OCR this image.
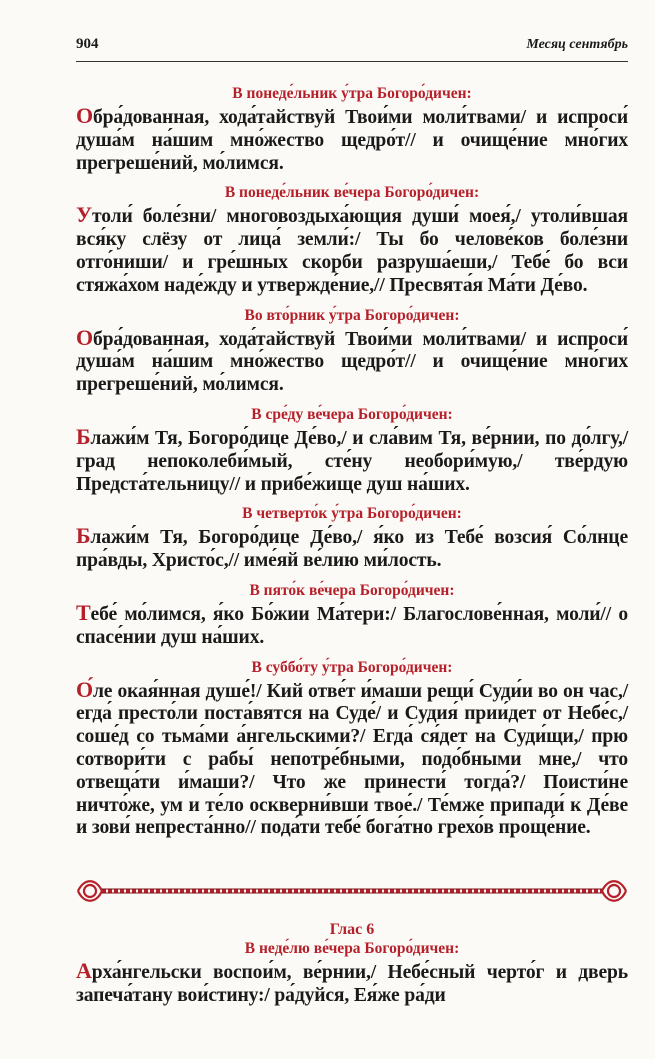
904	Месяц сентябрь
В понеде́льник у́тра Богоро́дичен:

Обра́дованная, хода́тайствуй Твои́ми моли́твами/ и испроси́ душа́м на́шим мно́жество щедро́т// и очище́ние мно́гих прегреше́ний, мо́лимся.

В понеде́льник ве́чера Богоро́дичен:

Утоли́ боле́зни/ многовоздыха́ющия души́ моея́,/ утоли́вшая вся́ку слёзу от лица́ земли́:/ Ты бо челове́ков боле́зни отго́ниши/ и гре́шных скорби разруша́еши,/ Тебе́ бо вси стяжа́хом наде́жду и утвержде́ние,// Пресвята́я Ма́ти Де́во.

Во вто́рник у́тра Богоро́дичен:

Обра́дованная, хода́тайствуй Твои́ми моли́твами/ и испроси́ душа́м на́шим мно́жество щедро́т// и очище́ние мно́гих прегреше́ний, мо́лимся.

В сре́ду ве́чера Богоро́дичен:

Блажи́м Тя, Богоро́дице Де́во,/ и сла́вим Тя, ве́рнии, по до́лгу,/ град непоколеби́мый, сте́ну необори́мую,/ тве́рдую Предста́тельницу// и прибе́жище душ на́ших.

В четверто́к у́тра Богоро́дичен:

Блажи́м Тя, Богоро́дице Де́во,/ я́ко из Тебе́ возсия́ Со́лнце пра́вды, Христо́с,// име́яй ве́лию ми́лость.

В пято́к ве́чера Богоро́дичен:

Тебе́ мо́лимся, я́ко Бо́жии Ма́тери:/ Благослове́нная, моли́// о спасе́нии душ на́ших.

В суббо́ту у́тра Богоро́дичен:

О́ле окая́нная душе́!/ Кий отве́т и́маши рещи́ Суди́и во он час,/ егда́ престо́ли поста́вятся на Суде́/ и Судия́ прии́дет от Небе́с,/ соше́д со тьма́ми а́нгельскими?/ Егда́ ся́дет на Суди́щи,/ прю сотвори́ти с рабы́ непотре́бными, подо́бными мне,/ что отвеща́ти и́маши?/ Что же принести́ тогда́?/ Поисти́не ничто́же, ум и те́ло оскверни́вши твое́./ Те́мже припади́ к Де́ве и зови́ непреста́нно// пода́ти тебе́ бога́тно грехо́в проще́ние.

Глас 6
В неде́лю ве́чера Богоро́дичен:

Арха́нгельски воспои́м, ве́рнии,/ Небе́сный черто́г и дверь запеча́тану вои́стину:/ ра́дуйся, Ея́же ра́ди
